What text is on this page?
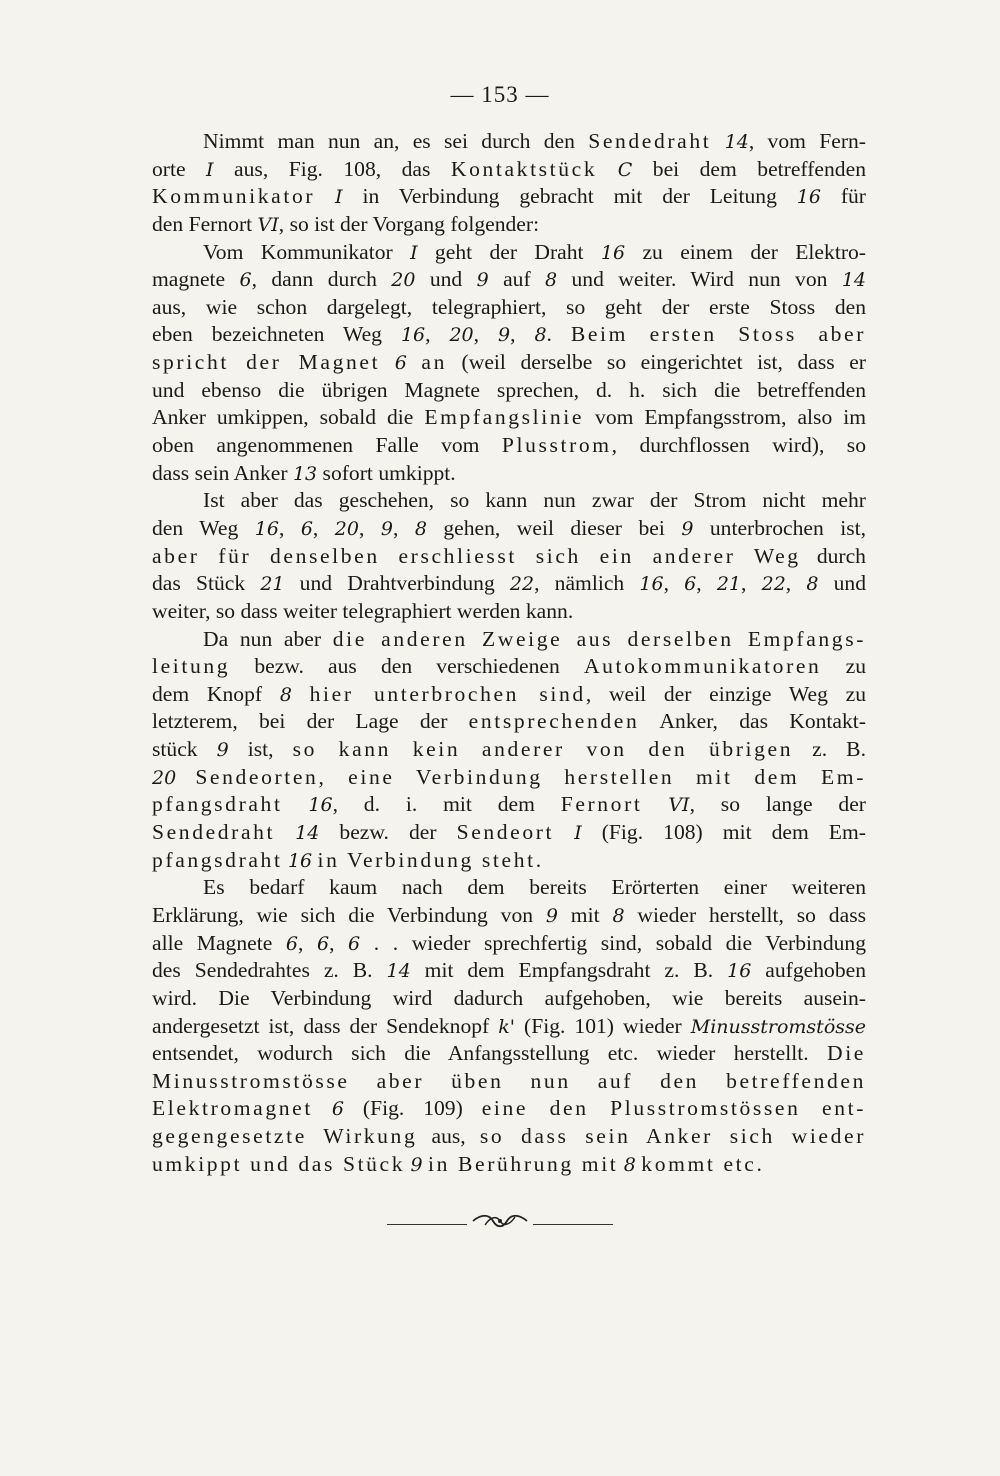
— 153 —
Nimmt man nun an, es sei durch den Sendedraht 14, vom Fern-
orte I aus, Fig. 108, das Kontaktstück C bei dem betreffenden
Kommunikator I in Verbindung gebracht mit der Leitung 16 für
den Fernort VI, so ist der Vorgang folgender:
Vom Kommunikator I geht der Draht 16 zu einem der Elektro-
magnete 6, dann durch 20 und 9 auf 8 und weiter. Wird nun von 14
aus, wie schon dargelegt, telegraphiert, so geht der erste Stoss den
eben bezeichneten Weg 16, 20, 9, 8. Beim ersten Stoss aber
spricht der Magnet 6 an (weil derselbe so eingerichtet ist, dass er
und ebenso die übrigen Magnete sprechen, d. h. sich die betreffenden
Anker umkippen, sobald die Empfangslinie vom Empfangsstrom, also im
oben angenommenen Falle vom Plusstrom, durchflossen wird), so
dass sein Anker 13 sofort umkippt.
Ist aber das geschehen, so kann nun zwar der Strom nicht mehr
den Weg 16, 6, 20, 9, 8 gehen, weil dieser bei 9 unterbrochen ist,
aber für denselben erschliesst sich ein anderer Weg durch
das Stück 21 und Drahtverbindung 22, nämlich 16, 6, 21, 22, 8 und
weiter, so dass weiter telegraphiert werden kann.
Da nun aber die anderen Zweige aus derselben Empfangs-
leitung bezw. aus den verschiedenen Autokommunikatoren zu
dem Knopf 8 hier unterbrochen sind, weil der einzige Weg zu
letzterem, bei der Lage der entsprechenden Anker, das Kontakt-
stück 9 ist, so kann kein anderer von den übrigen z. B.
20 Sendeorten, eine Verbindung herstellen mit dem Em-
pfangsdraht 16, d. i. mit dem Fernort VI, so lange der
Sendedraht 14 bezw. der Sendeort I (Fig. 108) mit dem Em-
pfangsdraht 16 in Verbindung steht.
Es bedarf kaum nach dem bereits Erörterten einer weiteren
Erklärung, wie sich die Verbindung von 9 mit 8 wieder herstellt, so dass
alle Magnete 6, 6, 6 . . wieder sprechfertig sind, sobald die Verbindung
des Sendedrahtes z. B. 14 mit dem Empfangsdraht z. B. 16 aufgehoben
wird. Die Verbindung wird dadurch aufgehoben, wie bereits ausein-
andergesetzt ist, dass der Sendeknopf k' (Fig. 101) wieder Minusstromstösse
entsendet, wodurch sich die Anfangsstellung etc. wieder herstellt. Die
Minusstromstösse aber üben nun auf den betreffenden
Elektromagnet 6 (Fig. 109) eine den Plusstromstössen ent-
gegengesetzte Wirkung aus, so dass sein Anker sich wieder
umkippt und das Stück 9 in Berührung mit 8 kommt etc.
